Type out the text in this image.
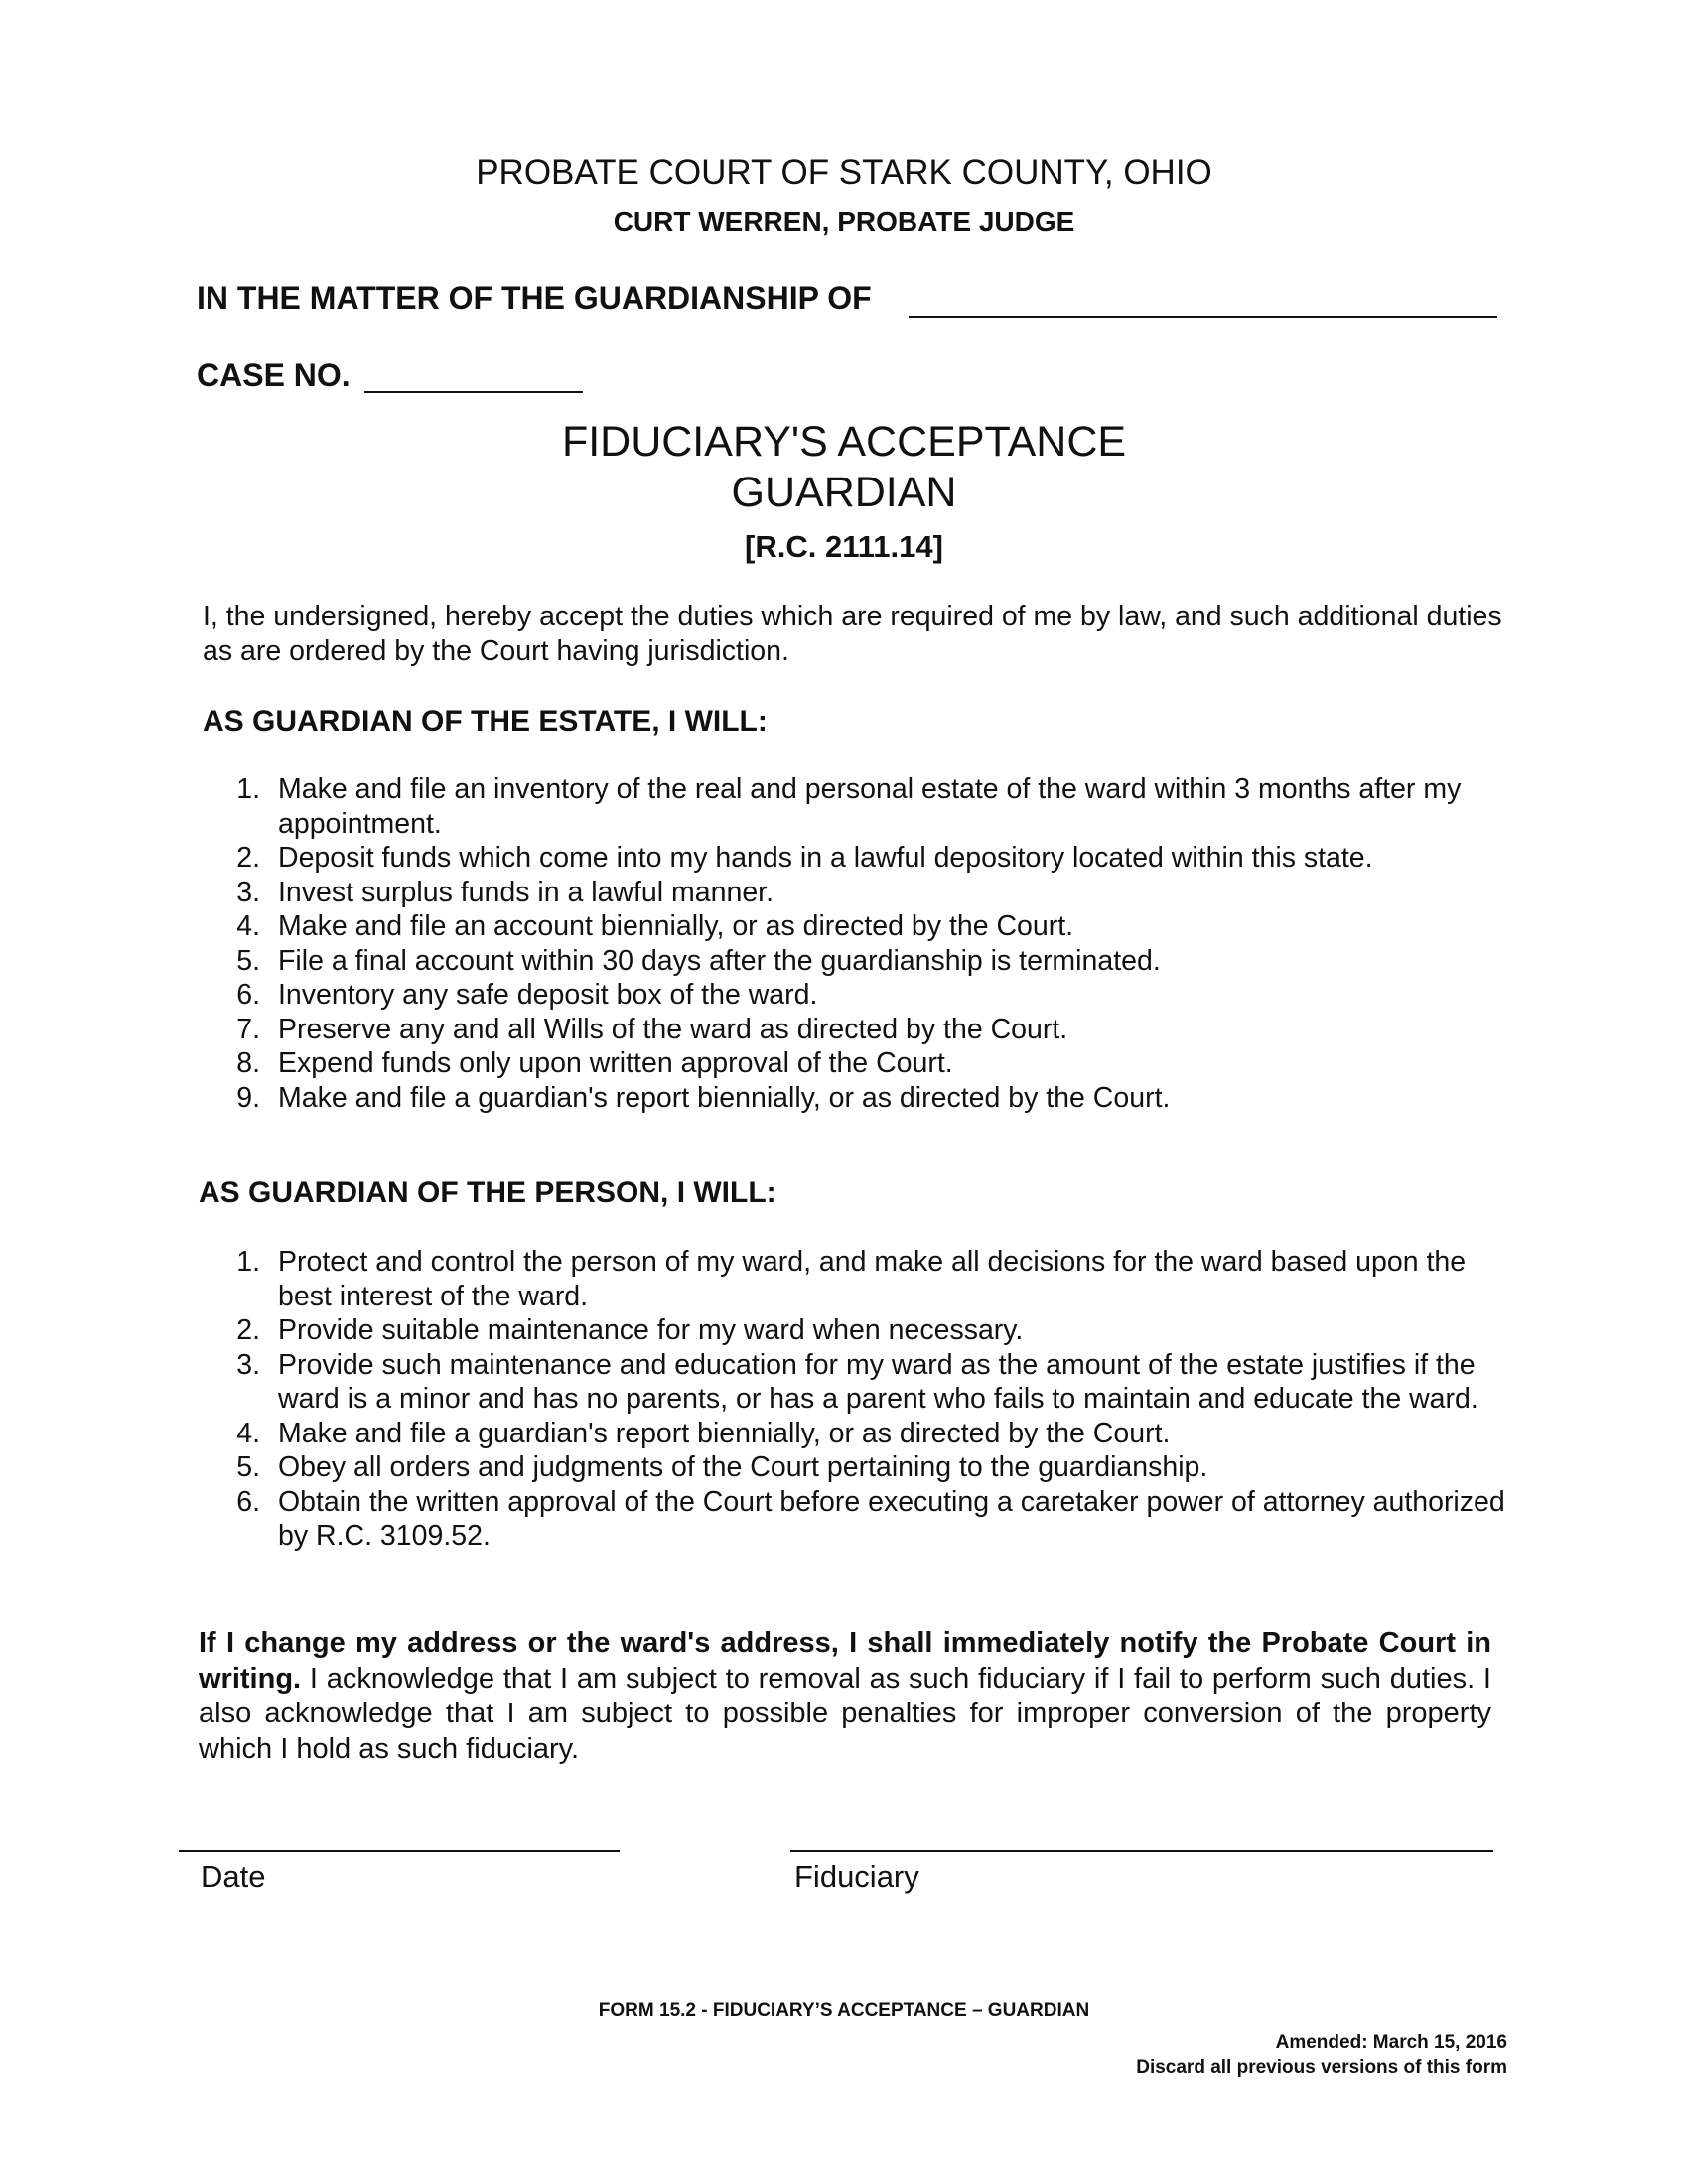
PROBATE COURT OF STARK COUNTY, OHIO
CURT WERREN, PROBATE JUDGE
IN THE MATTER OF THE GUARDIANSHIP OF
CASE NO.
FIDUCIARY'S ACCEPTANCE
GUARDIAN
[R.C. 2111.14]
I, the undersigned, hereby accept the duties which are required of me by law, and such additional duties as are ordered by the Court having jurisdiction.
AS GUARDIAN OF THE ESTATE, I WILL:
1. Make and file an inventory of the real and personal estate of the ward within 3 months after my appointment.
2. Deposit funds which come into my hands in a lawful depository located within this state.
3. Invest surplus funds in a lawful manner.
4. Make and file an account biennially, or as directed by the Court.
5. File a final account within 30 days after the guardianship is terminated.
6. Inventory any safe deposit box of the ward.
7. Preserve any and all Wills of the ward as directed by the Court.
8. Expend funds only upon written approval of the Court.
9. Make and file a guardian's report biennially, or as directed by the Court.
AS GUARDIAN OF THE PERSON, I WILL:
1. Protect and control the person of my ward, and make all decisions for the ward based upon the best interest of the ward.
2. Provide suitable maintenance for my ward when necessary.
3. Provide such maintenance and education for my ward as the amount of the estate justifies if the ward is a minor and has no parents, or has a parent who fails to maintain and educate the ward.
4. Make and file a guardian's report biennially, or as directed by the Court.
5. Obey all orders and judgments of the Court pertaining to the guardianship.
6. Obtain the written approval of the Court before executing a caretaker power of attorney authorized by R.C. 3109.52.
If I change my address or the ward's address, I shall immediately notify the Probate Court in writing. I acknowledge that I am subject to removal as such fiduciary if I fail to perform such duties. I also acknowledge that I am subject to possible penalties for improper conversion of the property which I hold as such fiduciary.
Date	Fiduciary
FORM 15.2 - FIDUCIARY’S ACCEPTANCE – GUARDIAN
Amended: March 15, 2016
Discard all previous versions of this form
